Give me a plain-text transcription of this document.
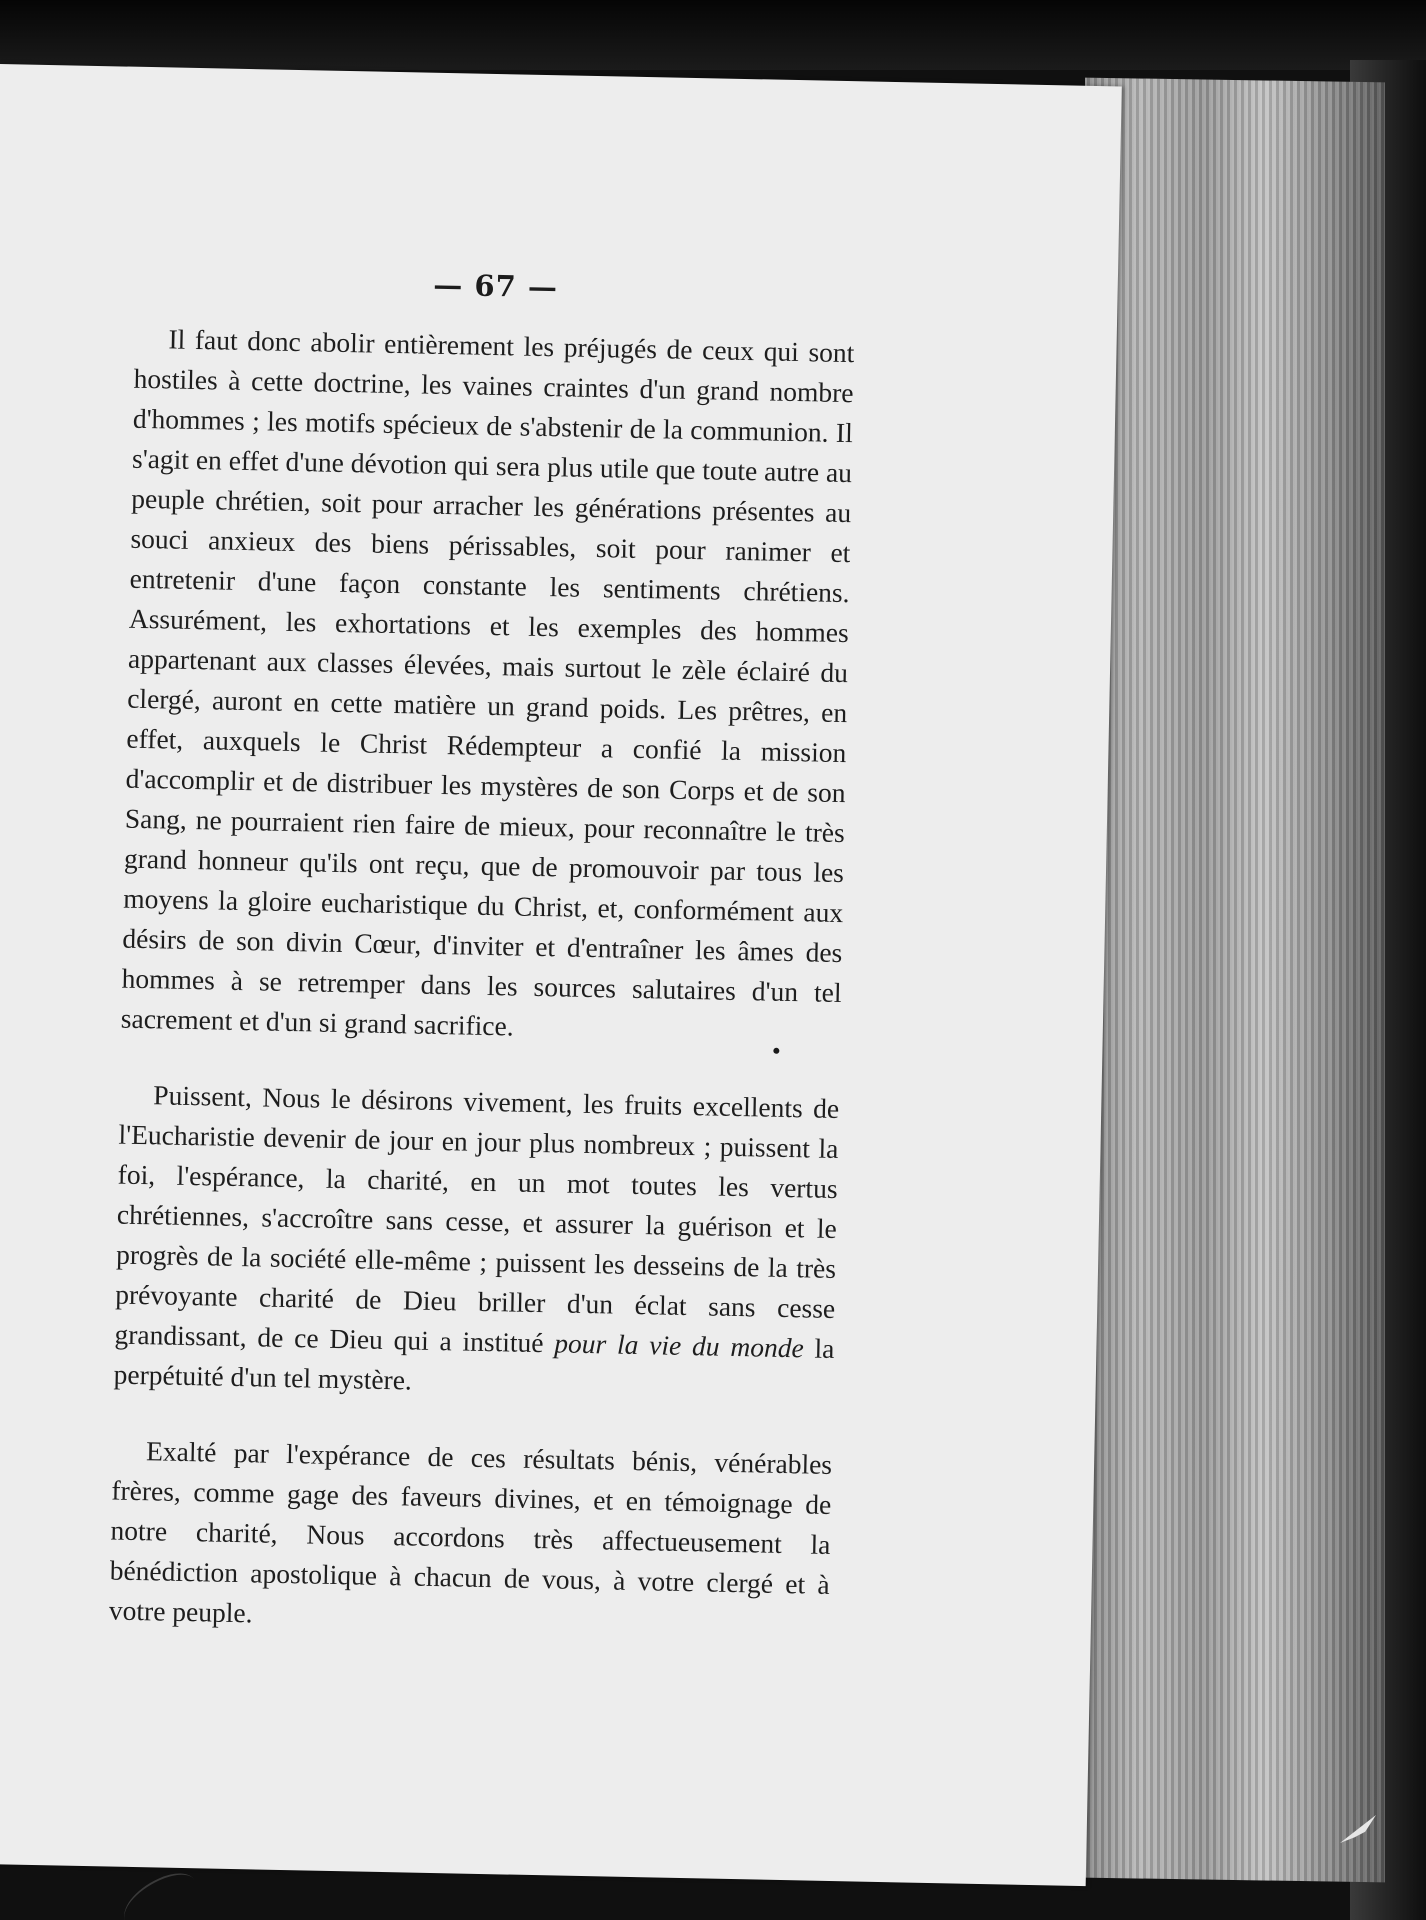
— 67 —

Il faut donc abolir entièrement les préjugés de ceux qui sont hostiles à cette doctrine, les vaines craintes d'un grand nombre d'hommes ; les motifs spécieux de s'abstenir de la communion. Il s'agit en effet d'une dévotion qui sera plus utile que toute autre au peuple chrétien, soit pour arracher les générations présentes au souci anxieux des biens périssables, soit pour ranimer et entretenir d'une façon constante les sentiments chrétiens. Assurément, les exhortations et les exemples des hommes appartenant aux classes élevées, mais surtout le zèle éclairé du clergé, auront en cette matière un grand poids. Les prêtres, en effet, auxquels le Christ Rédempteur a confié la mission d'accomplir et de distribuer les mystères de son Corps et de son Sang, ne pourraient rien faire de mieux, pour reconnaître le très grand honneur qu'ils ont reçu, que de promouvoir par tous les moyens la gloire eucharistique du Christ, et, conformément aux désirs de son divin Cœur, d'inviter et d'entraîner les âmes des hommes à se retremper dans les sources salutaires d'un tel sacrement et d'un si grand sacrifice.

Puissent, Nous le désirons vivement, les fruits excellents de l'Eucharistie devenir de jour en jour plus nombreux ; puissent la foi, l'espérance, la charité, en un mot toutes les vertus chrétiennes, s'accroître sans cesse, et assurer la guérison et le progrès de la société elle-même ; puissent les desseins de la très prévoyante charité de Dieu briller d'un éclat sans cesse grandissant, de ce Dieu qui a institué pour la vie du monde la perpétuité d'un tel mystère.

Exalté par l'expérance de ces résultats bénis, vénérables frères, comme gage des faveurs divines, et en témoignage de notre charité, Nous accordons très affectueusement la bénédiction apostolique à chacun de vous, à votre clergé et à votre peuple.
